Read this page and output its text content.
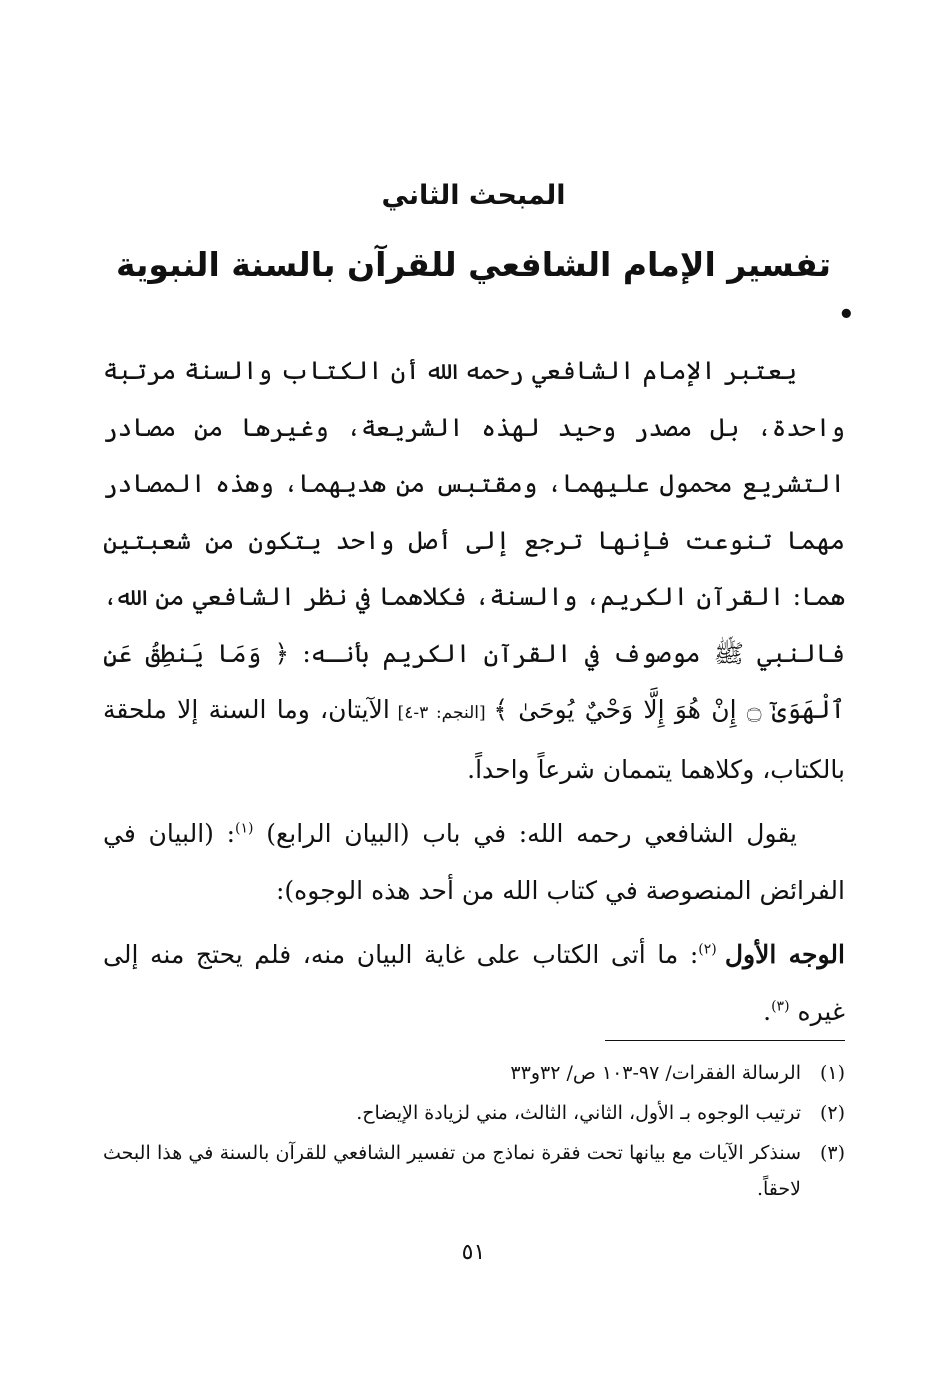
المبحث الثاني
تفسير الإمام الشافعي للقرآن بالسنة النبوية
•

يعتبر الإمام الشافعي رحمه الله أن الكتاب والسنة مرتبة واحدة، بل مصدر وحيد لهذه الشريعة، وغيرها من مصادر التشريع محمول عليهما، ومقتبس من هديهما، وهذه المصادر مهما تنوعت فإنها ترجع إلى أصل واحد يتكون من شعبتين هما: القرآن الكريم، والسنة، فكلاهما في نظر الشافعي من الله، فالنبي ﷺ موصوف في القرآن الكريم بأنـه: ﴿ وَمَا يَنطِقُ عَنِ ٱلْهَوَىٰٓ ۝ إِنْ هُوَ إِلَّا وَحْيٌ يُوحَىٰ ﴾ [النجم: ٣-٤] الآيتان، وما السنة إلا ملحقة بالكتاب، وكلاهما يتممان شرعاً واحداً.

يقول الشافعي رحمه الله: في باب (البيان الرابع) $^{(١)}$: (البيان في الفرائض المنصوصة في كتاب الله من أحد هذه الوجوه):

الوجه الأول $^{(٢)}$: ما أتى الكتاب على غاية البيان منه، فلم يحتج منه إلى غيره $^{(٣)}$.

(١)
الرسالة الفقرات/ ٩٧-١٠٣ ص/ ٣٢و٣٣
(٢)
ترتيب الوجوه بـ الأول، الثاني، الثالث، مني لزيادة الإيضاح.
(٣)
سنذكر الآيات مع بيانها تحت فقرة نماذج من تفسير الشافعي للقرآن بالسنة في هذا البحث لاحقاً.
٥١
